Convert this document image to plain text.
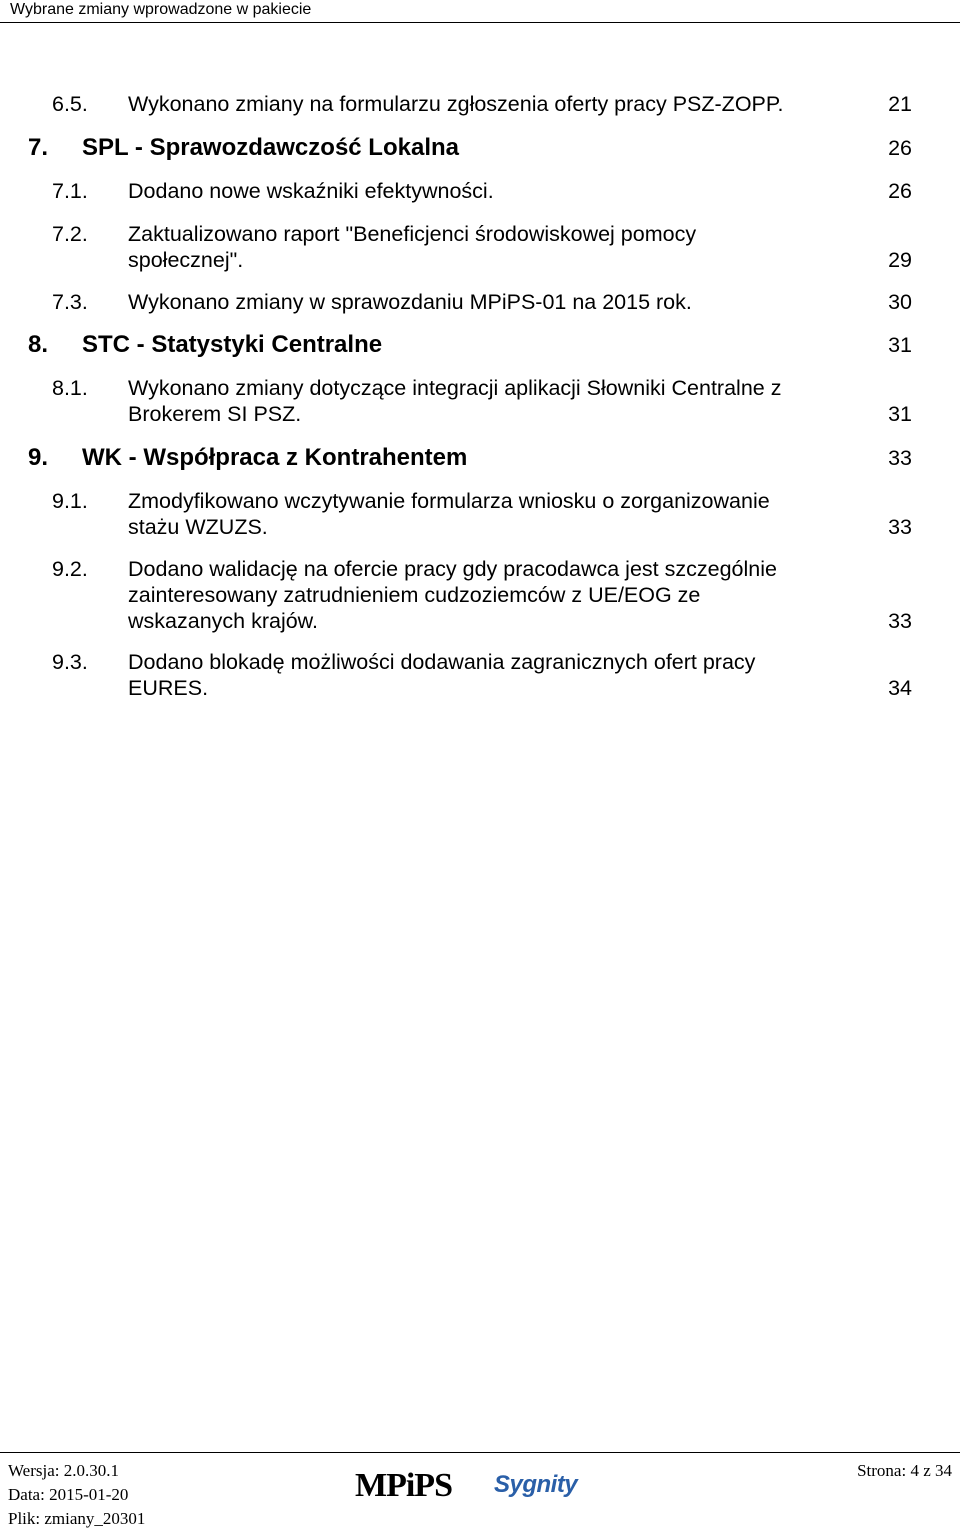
Wybrane zmiany wprowadzone w pakiecie
6.5. Wykonano zmiany na formularzu zgłoszenia oferty pracy PSZ-ZOPP.	21
7. SPL - Sprawozdawczość Lokalna	26
7.1. Dodano nowe wskaźniki efektywności.	26
7.2. Zaktualizowano raport "Beneficjenci środowiskowej pomocy
społecznej".	29
7.3. Wykonano zmiany w sprawozdaniu MPiPS-01 na 2015 rok.	30
8. STC - Statystyki Centralne	31
8.1. Wykonano zmiany dotyczące integracji aplikacji Słowniki Centralne z
Brokerem SI PSZ.	31
9. WK - Współpraca z Kontrahentem	33
9.1. Zmodyfikowano wczytywanie formularza wniosku o zorganizowanie
stażu WZUZS.	33
9.2. Dodano walidację na ofercie pracy gdy pracodawca jest szczególnie
zainteresowany zatrudnieniem cudzoziemców z UE/EOG ze
wskazanych krajów.	33
9.3. Dodano blokadę możliwości dodawania zagranicznych ofert pracy
EURES.	34
Wersja: 2.0.30.1
Data: 2015-01-20
Plik: zmiany_20301
MPiPS Sygnity
Strona: 4 z 34
